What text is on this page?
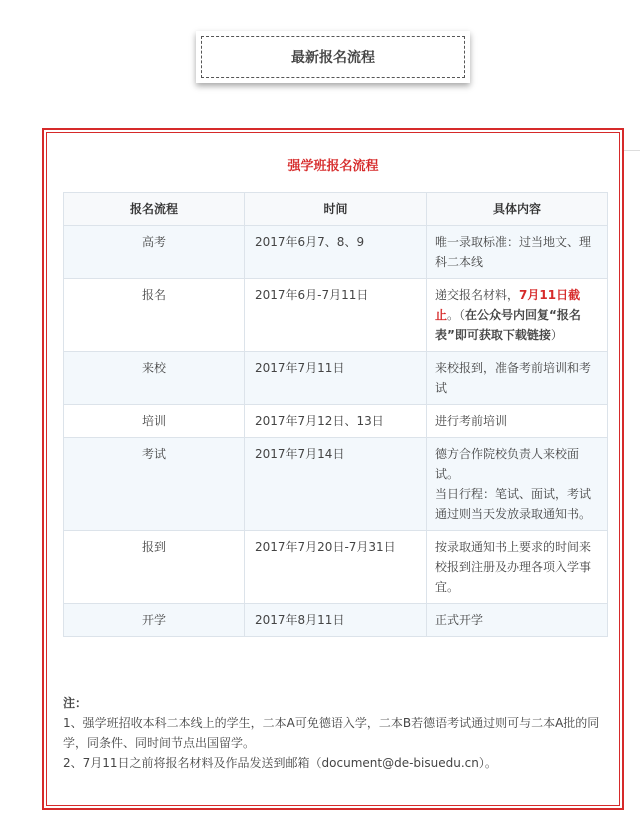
最新报名流程
强学班报名流程
报名流程	时间	具体内容
高考	2017年6月7、8、9	唯一录取标准：过当地文、理科二本线
报名	2017年6月-7月11日	递交报名材料，7月11日截止。（在公众号内回复“报名表”即可获取下载链接）
来校	2017年7月11日	来校报到，准备考前培训和考试
培训	2017年7月12日、13日	进行考前培训
考试	2017年7月14日	德方合作院校负责人来校面试。
当日行程：笔试、面试，考试通过则当天发放录取通知书。

报到	2017年7月20日-7月31日	按录取通知书上要求的时间来校报到注册及办理各项入学事宜。
开学	2017年8月11日	正式开学
注：

1、强学班招收本科二本线上的学生，二本A可免德语入学，二本B若德语考试通过则可与二本A批的同学，同条件、同时间节点出国留学。

2、7月11日之前将报名材料及作品发送到邮箱（document@de-bisuedu.cn）。
